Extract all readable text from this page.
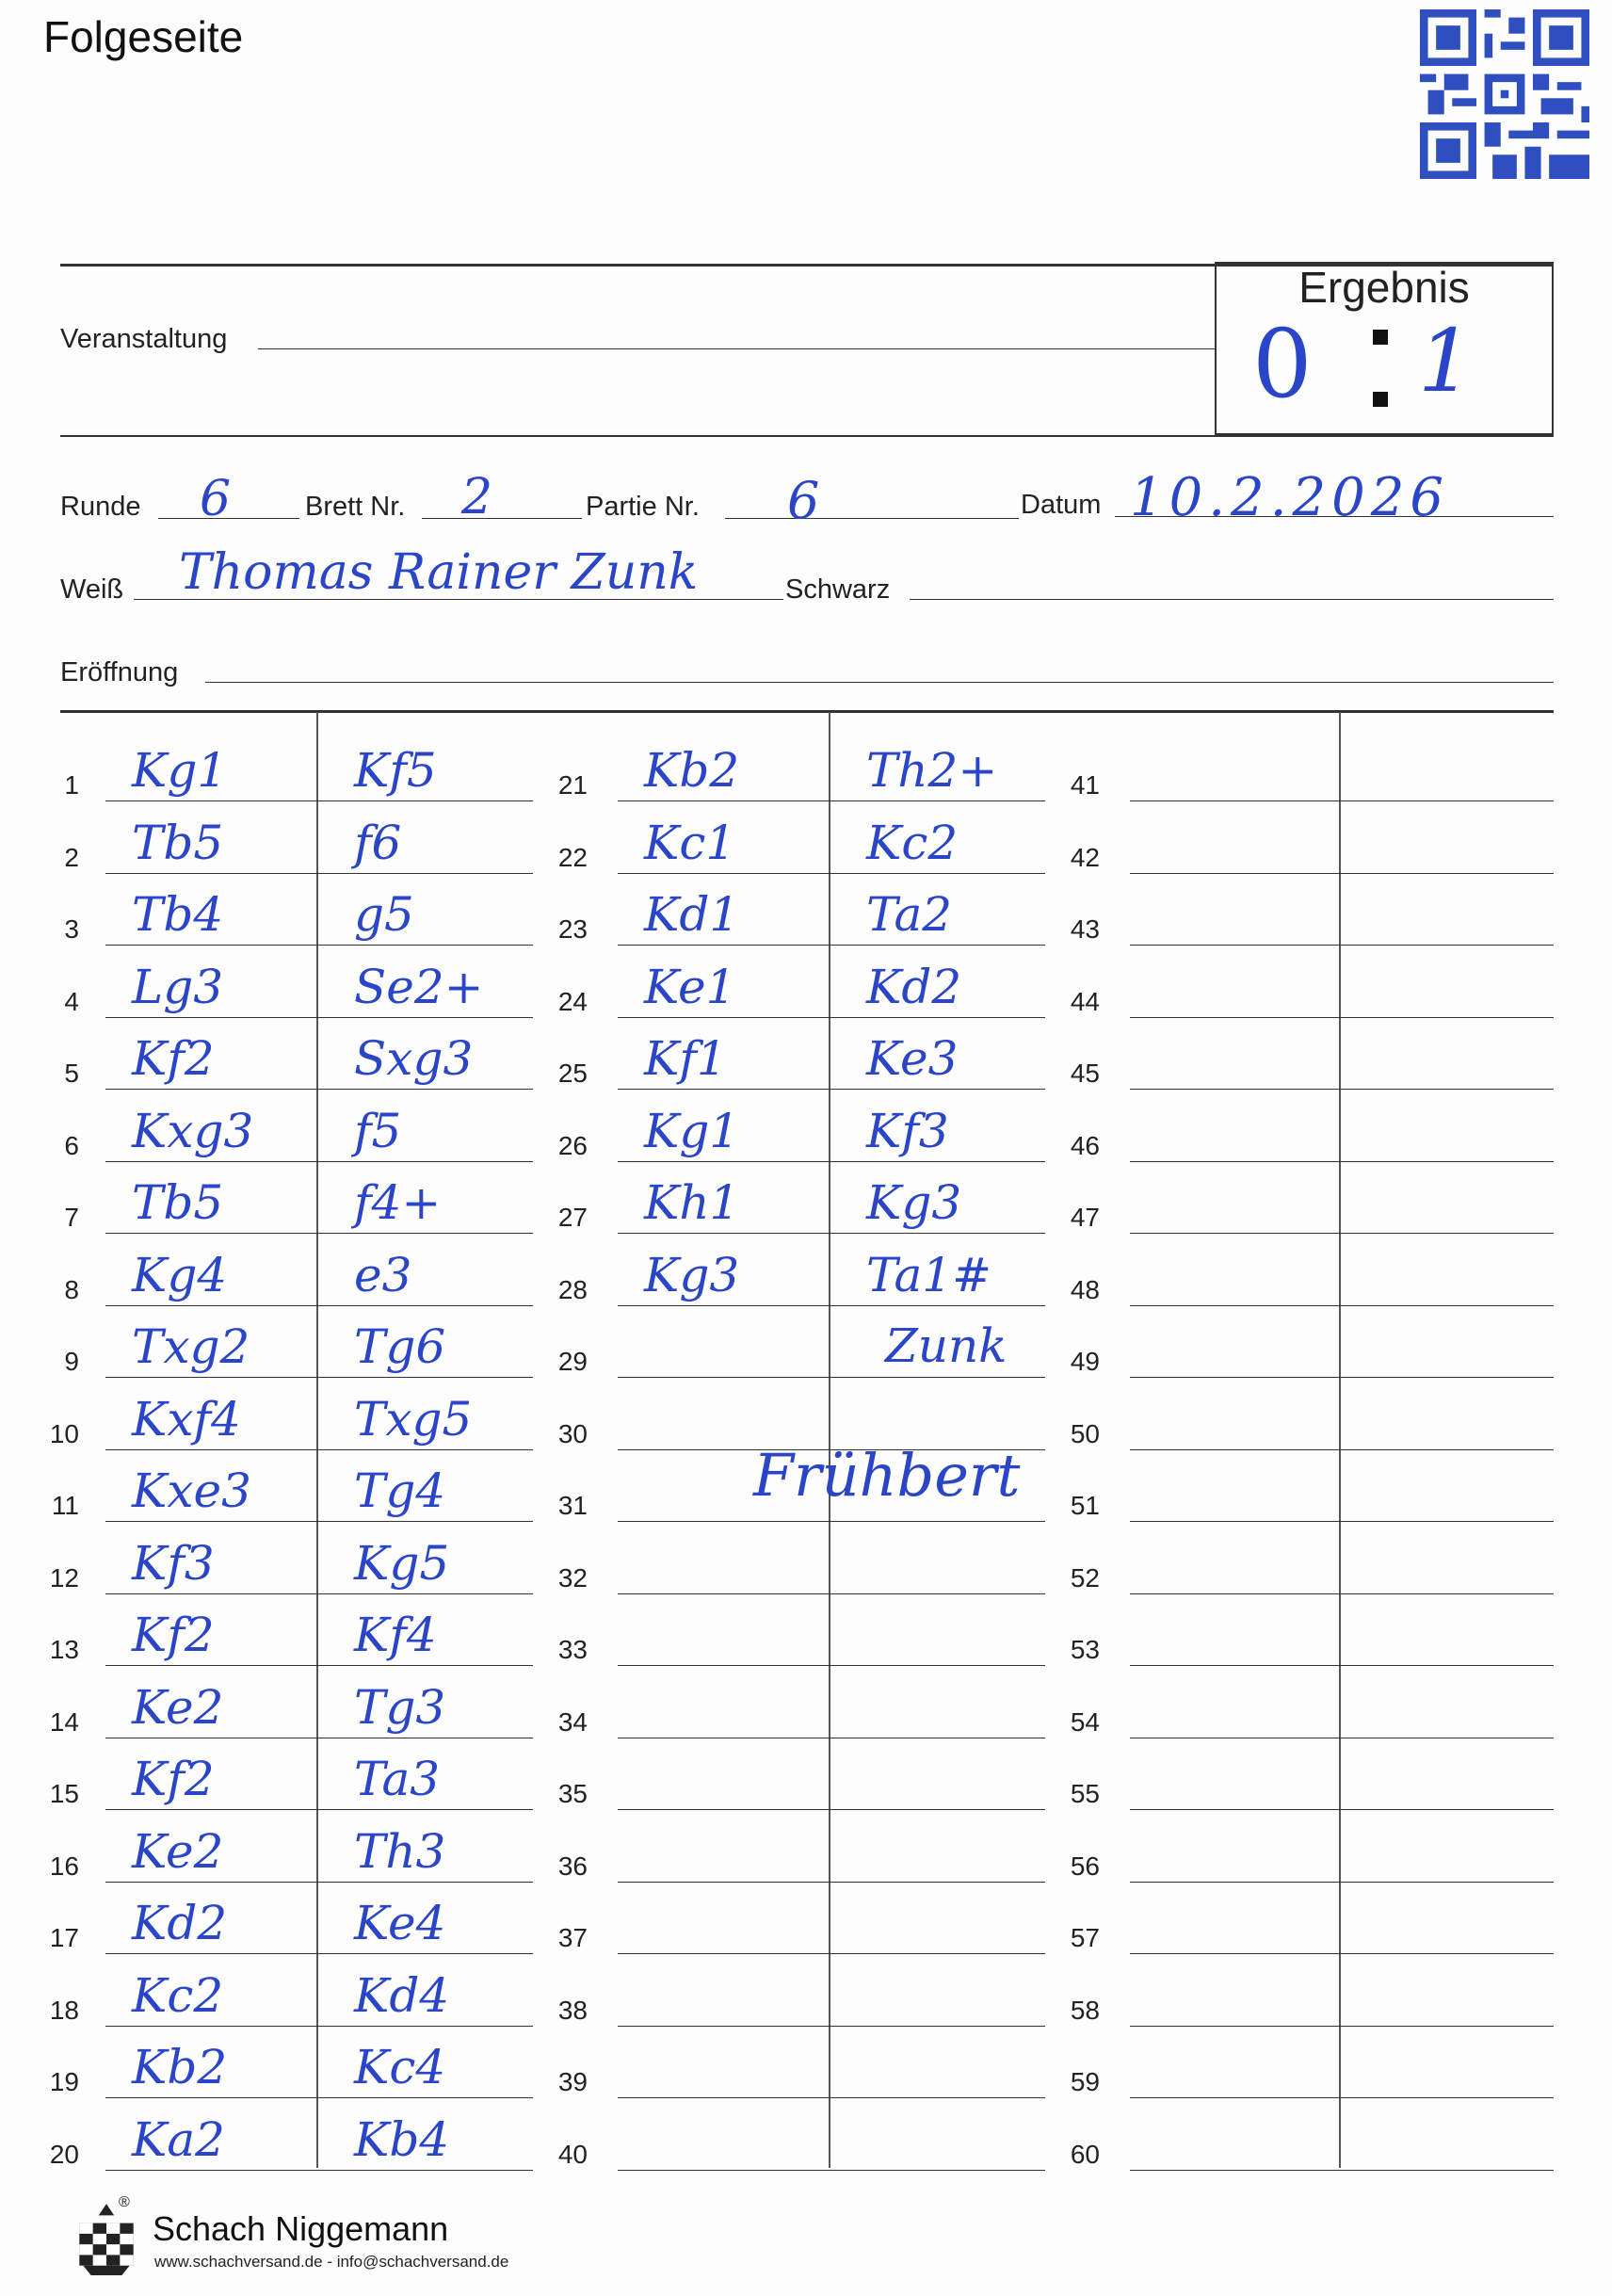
Folgeseite
Ergebnis
0 1
Veranstaltung
Runde 6	Brett Nr. 2	Partie Nr. 6	Datum 10.2.2026
Weiß Thomas Rainer Zunk	Schwarz
Eröffnung
1 Kg1	Kf5
2 Tb5	f6
3 Tb4	g5
4 Lg3	Se2+
5 Kf2	Sxg3
6 Kxg3 f5
7 Tb5	f4+
8 Kg4	e3
9 Txg2 Tg6
10 Kxf4 Txg5
11 Kxe3 Tg4
12 Kf3	Kg5
13 Kf2	Kf4
14 Ke2	Tg3
15 Kf2	Ta3
16 Ke2	Th3
17 Kd2	Ke4
18 Kc2	Kd4
19 Kb2	Kc4
20 Ka2	Kb4
21 Kb2	Th2+
22 Kc1	Kc2
23 Kd1	Ta2
24 Ke1	Kd2
25 Kf1	Ke3
26 Kg1	Kf3
27 Kh1	Kg3
28 Kg3	Ta1#
29
30
31
32
33
34
35
36
37
38
39
40
41
42
43
44
45
46
47
48
49
50
51
52
53
54
55
56
57
58
59
60
Zunk
Frühbert
®
Schach Niggemann
www.schachversand.de - info@schachversand.de
